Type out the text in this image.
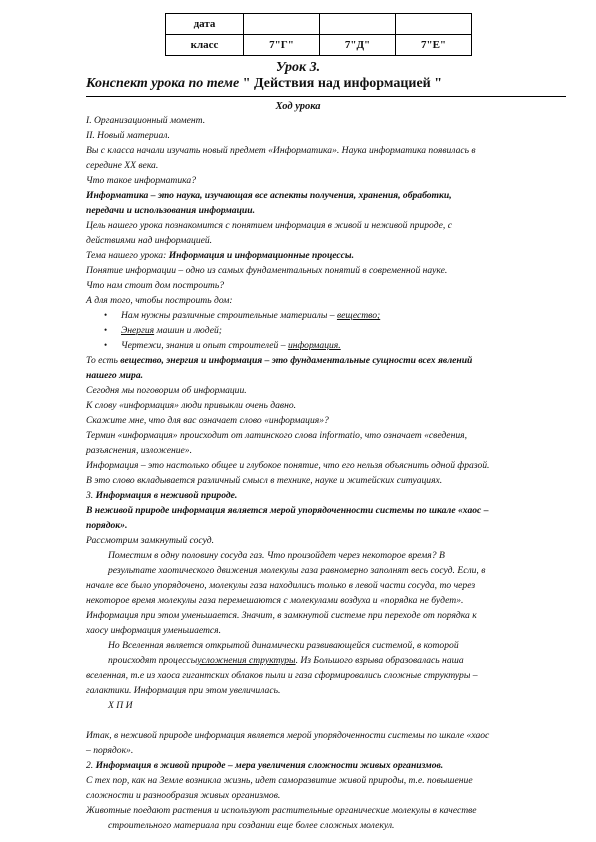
дата			
класс	7"Г"	7"Д"	7"Е"
Урок 3.
Конспект урока по теме " Действия над информацией "
Ход урока
I. Организационный момент.
II. Новый материал.
Вы с класса начали изучать новый предмет «Информатика». Наука информатика появилась в
середине XX века.
Что такое информатика?
Информатика – это наука, изучающая все аспекты получения, хранения, обработки,
передачи и использования информации.
Цель нашего урока познакомится с понятием информация в живой и неживой природе, с
действиями над информацией.
Тема нашего урока: Информация и информационные процессы.
Понятие информации – одно из самых фундаментальных понятий в современной науке.
Что нам стоит дом построить?
А для того, чтобы построить дом:
• Нам нужны различные строительные материалы – вещество;
• Энергия машин и людей;
• Чертежи, знания и опыт строителей – информация.
То есть вещество, энергия и информация – это фундаментальные сущности всех явлений
нашего мира.
Сегодня мы поговорим об информации.
К слову «информация» люди привыкли очень давно.
Скажите мне, что для вас означает слово «информация»?
Термин «информация» происходит от латинского слова informatio, что означает «сведения,
разъяснения, изложение».
Информация – это настолько общее и глубокое понятие, что его нельзя объяснить одной фразой.
В это слово вкладывается различный смысл в технике, науке и житейских ситуациях.
3. Информация в неживой природе.
В неживой природе информация является мерой упорядоченности системы по шкале «хаос –
порядок».
Рассмотрим замкнутый сосуд.
Поместим в одну половину сосуда газ. Что произойдет через некоторое время? В
результате хаотического движения молекулы газа равномерно заполнят весь сосуд. Если, в
начале все было упорядочено, молекулы газа находились только в левой части сосуда, то через
некоторое время молекулы газа перемешаются с молекулами воздуха и «порядка не будет».
Информация при этом уменьшается. Значит, в замкнутой системе при переходе от порядка к
хаосу информация уменьшается.
Но Вселенная является открытой динамически развивающейся системой, в которой
происходят процессыусложнения структуры. Из Большого взрыва образовалась наша
вселенная, т.е из хаоса гигантских облаков пыли и газа сформировались сложные структуры –
галактики. Информация при этом увеличилась.
Х П И
Итак, в неживой природе информация является мерой упорядоченности системы по шкале «хаос
– порядок».
2. Информация в живой природе – мера увеличения сложности живых организмов.
С тех пор, как на Земле возникла жизнь, идет саморазвитие живой природы, т.е. повышение
сложности и разнообразия живых организмов.
Животные поедают растения и используют растительные органические молекулы в качестве
строительного материала при создании еще более сложных молекул.
